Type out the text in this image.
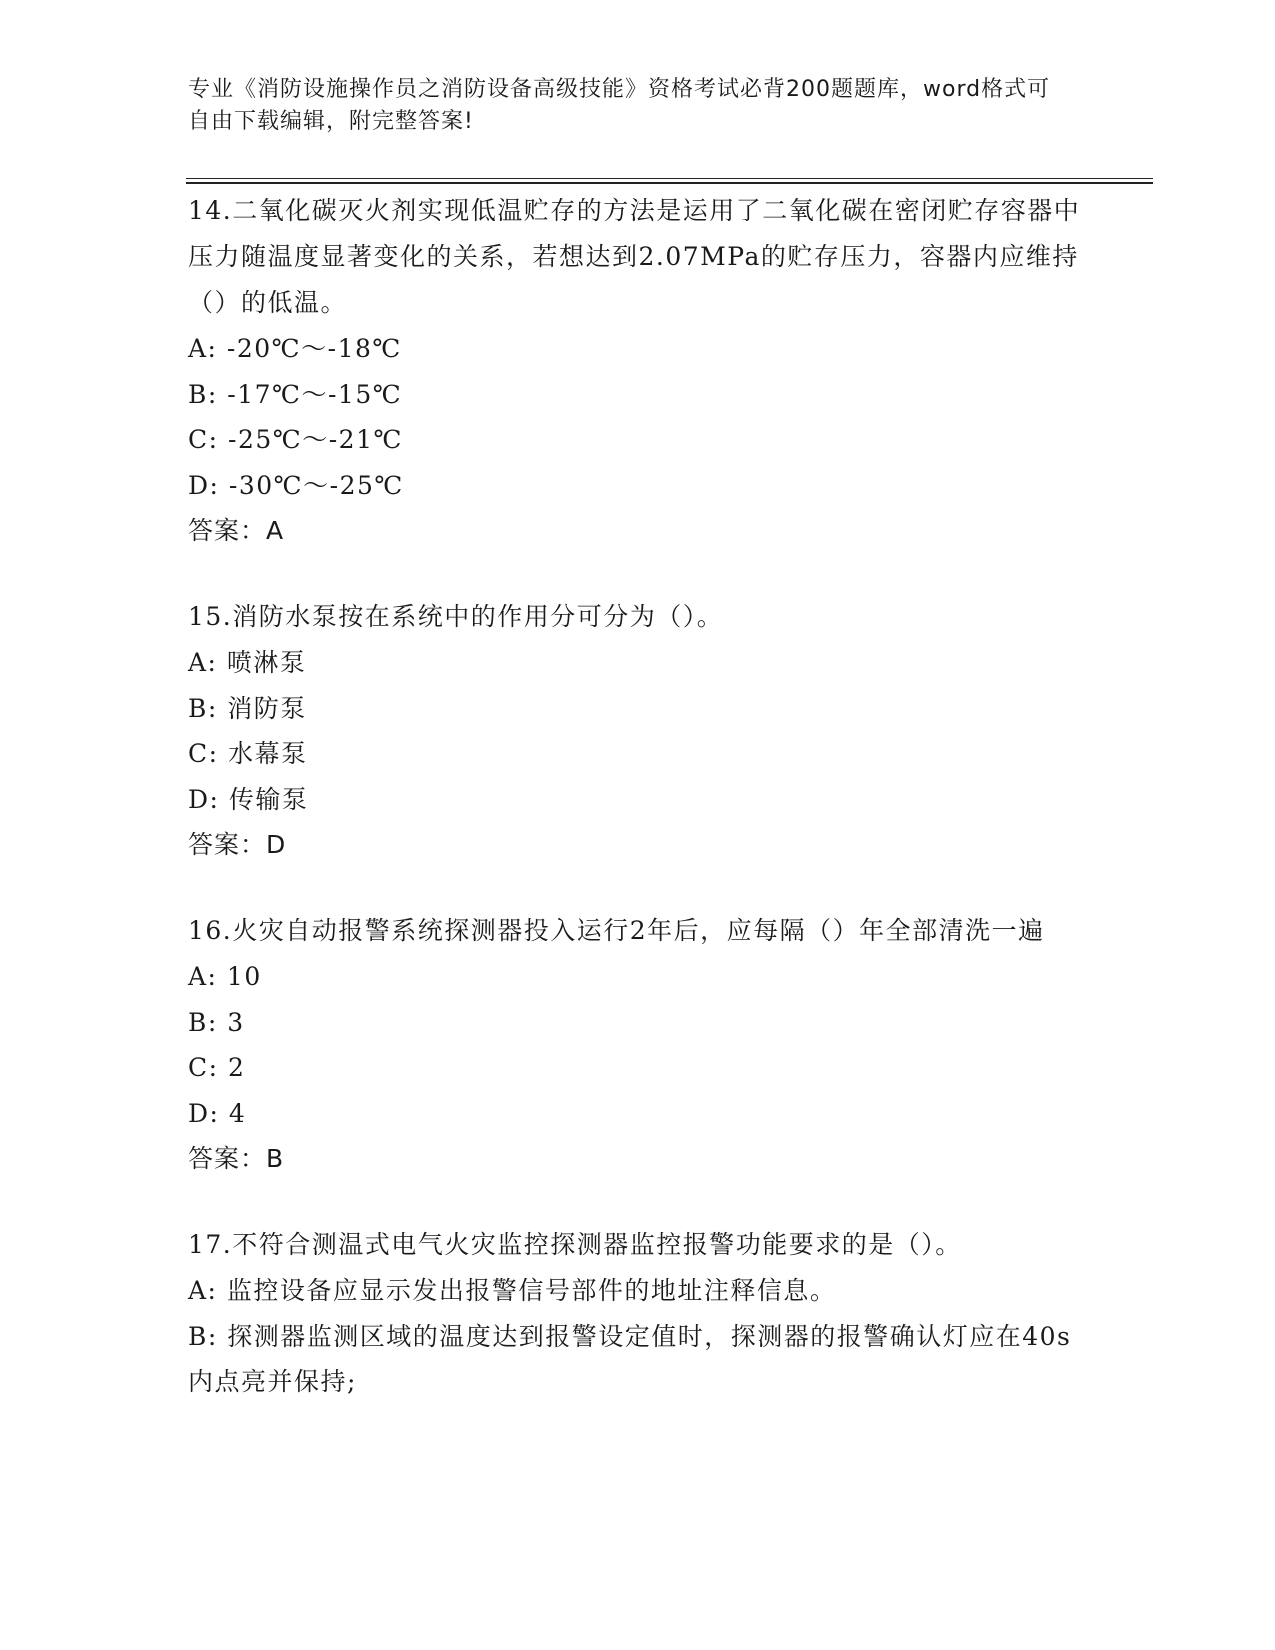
专业《消防设施操作员之消防设备高级技能》资格考试必背200题题库，word格式可自由下载编辑，附完整答案!

14.二氧化碳灭火剂实现低温贮存的方法是运用了二氧化碳在密闭贮存容器中压力随温度显著变化的关系，若想达到2.07MPa的贮存压力，容器内应维持（）的低温。

A: -20℃～-18℃

B: -17℃～-15℃

C: -25℃～-21℃

D: -30℃～-25℃

答案：A

15.消防水泵按在系统中的作用分可分为（）。

A: 喷淋泵

B: 消防泵

C: 水幕泵

D: 传输泵

答案：D

16.火灾自动报警系统探测器投入运行2年后，应每隔（）年全部清洗一遍

A: 10

B: 3

C: 2

D: 4

答案：B

17.不符合测温式电气火灾监控探测器监控报警功能要求的是（）。

A: 监控设备应显示发出报警信号部件的地址注释信息。

B: 探测器监测区域的温度达到报警设定值时，探测器的报警确认灯应在40s内点亮并保持;
